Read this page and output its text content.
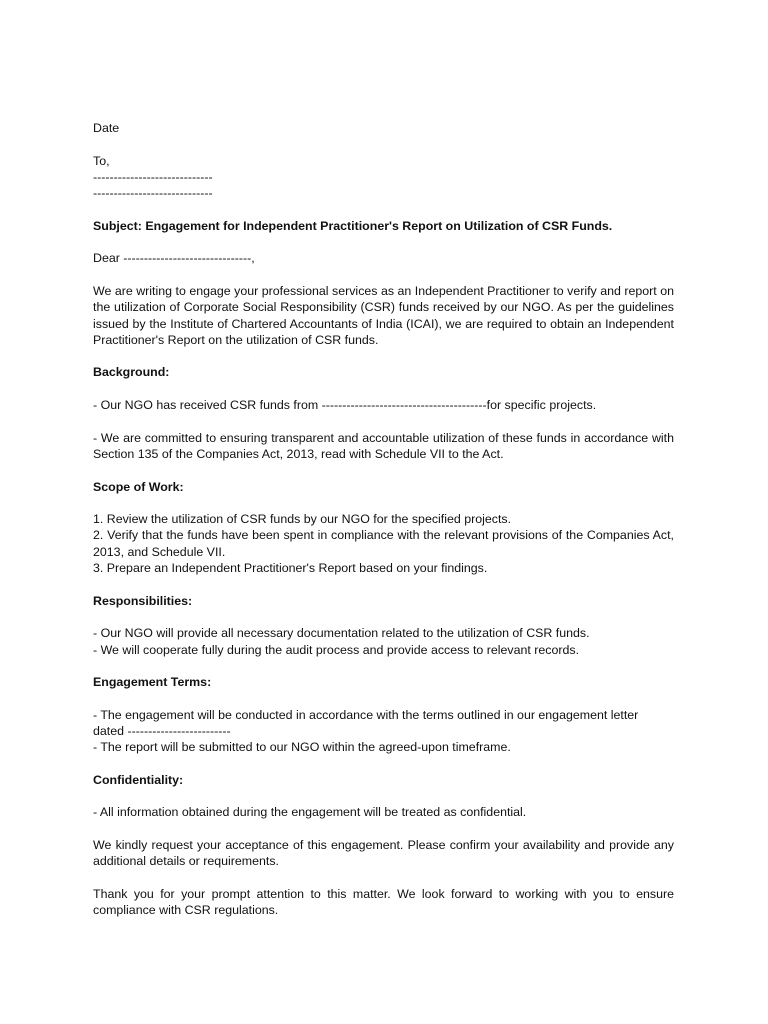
Date

To,

-----------------------------

-----------------------------

Subject: Engagement for Independent Practitioner's Report on Utilization of CSR Funds.

Dear -------------------------------,

We are writing to engage your professional services as an Independent Practitioner to verify and report on the utilization of Corporate Social Responsibility (CSR) funds received by our NGO. As per the guidelines issued by the Institute of Chartered Accountants of India (ICAI), we are required to obtain an Independent Practitioner's Report on the utilization of CSR funds.

Background:

- Our NGO has received CSR funds from ----------------------------------------for specific projects.

- We are committed to ensuring transparent and accountable utilization of these funds in accordance with Section 135 of the Companies Act, 2013, read with Schedule VII to the Act.

Scope of Work:

1. Review the utilization of CSR funds by our NGO for the specified projects.

2. Verify that the funds have been spent in compliance with the relevant provisions of the Companies Act, 2013, and Schedule VII.

3. Prepare an Independent Practitioner's Report based on your findings.

Responsibilities:

- Our NGO will provide all necessary documentation related to the utilization of CSR funds.

- We will cooperate fully during the audit process and provide access to relevant records.

Engagement Terms:

- The engagement will be conducted in accordance with the terms outlined in our engagement letter

dated -------------------------

- The report will be submitted to our NGO within the agreed-upon timeframe.

Confidentiality:

- All information obtained during the engagement will be treated as confidential.

We kindly request your acceptance of this engagement. Please confirm your availability and provide any additional details or requirements.

Thank you for your prompt attention to this matter. We look forward to working with you to ensure compliance with CSR regulations.
